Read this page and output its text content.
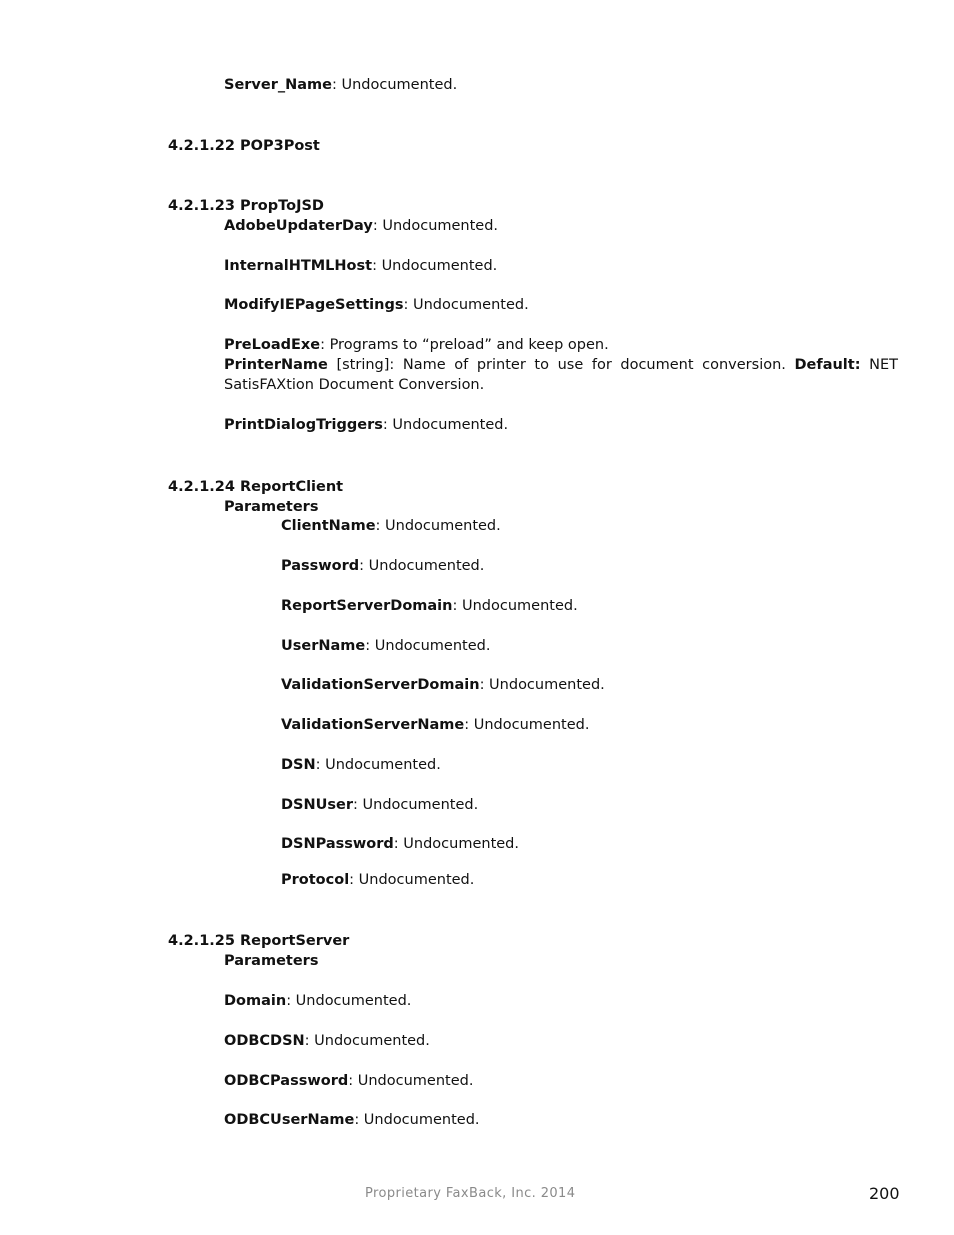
Server_Name: Undocumented.
4.2.1.22 POP3Post
4.2.1.23 PropToJSD
AdobeUpdaterDay: Undocumented.
InternalHTMLHost: Undocumented.
ModifyIEPageSettings: Undocumented.
PreLoadExe: Programs to “preload” and keep open.
PrinterName [string]: Name of printer to use for document conversion. Default: NET
SatisFAXtion Document Conversion.
PrintDialogTriggers: Undocumented.
4.2.1.24 ReportClient
Parameters
ClientName: Undocumented.
Password: Undocumented.
ReportServerDomain: Undocumented.
UserName: Undocumented.
ValidationServerDomain: Undocumented.
ValidationServerName: Undocumented.
DSN: Undocumented.
DSNUser: Undocumented.
DSNPassword: Undocumented.
Protocol: Undocumented.
4.2.1.25 ReportServer
Parameters
Domain: Undocumented.
ODBCDSN: Undocumented.
ODBCPassword: Undocumented.
ODBCUserName: Undocumented.
Proprietary FaxBack, Inc. 2014	200
